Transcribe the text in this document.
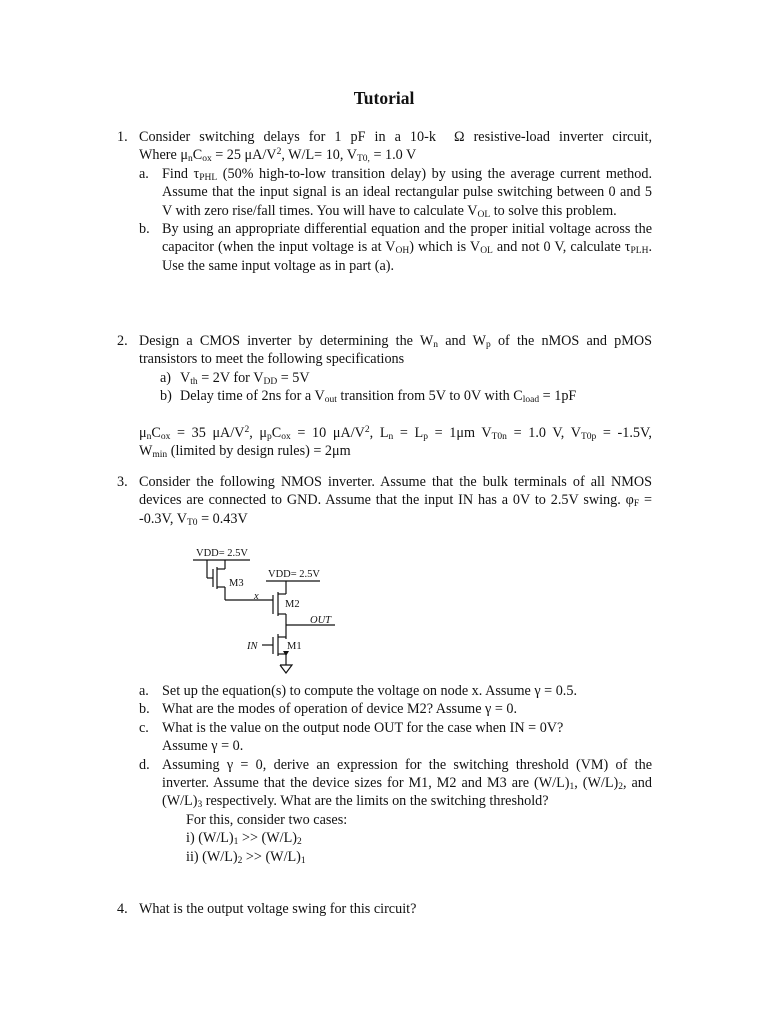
Tutorial
1. Consider switching delays for 1 pF in a 10-k  Ω resistive-load inverter circuit,
Where $\mu_nC_{ox} = 25$ $\mu A/V^2$, W/L= 10, $V_{T0,} = 1.0$ V
a. Find $\tau_{PHL}$ (50% high-to-low transition delay) by using the average current method. Assume that the input signal is an ideal rectangular pulse switching between 0 and 5 V with zero rise/fall times. You will have to calculate $V_{OL}$ to solve this problem.
b. By using an appropriate differential equation and the proper initial voltage across the capacitor (when the input voltage is at $V_{OH}$) which is $V_{OL}$ and not 0 V, calculate $\tau_{PLH}$. Use the same input voltage as in part (a).
2. Design a CMOS inverter by determining the $W_n$ and $W_p$ of the nMOS and pMOS transistors to meet the following specifications
a) $V_{th} = 2V$ for $V_{DD} = 5V$
b) Delay time of 2ns for a $V_{out}$ transition from 5V to 0V with $C_{load} = 1pF$
$\mu_nC_{ox} = 35$ $\mu A/V^2$, $\mu_pC_{ox} = 10$ $\mu A/V^2$, $L_n = L_p = 1\mu m$ $V_{T0n} = 1.0$ V, $V_{T0p} = -1.5V$,
$W_{min}$ (limited by design rules) = 2μm
3. Consider the following NMOS inverter. Assume that the bulk terminals of all NMOS devices are connected to GND. Assume that the input IN has a 0V to 2.5V swing. $\varphi_F = -0.3V$, $V_{T0} = 0.43V$
VDD= 2.5V
VDD= 2.5V
M3
x
M2
OUT
IN	M1
a. Set up the equation(s) to compute the voltage on node x. Assume γ = 0.5.
b. What are the modes of operation of device M2? Assume γ = 0.
c. What is the value on the output node OUT for the case when IN = 0V?
Assume γ = 0.
d. Assuming γ = 0, derive an expression for the switching threshold (VM) of the inverter. Assume that the device sizes for M1, M2 and M3 are $(W/L)_1$, $(W/L)_2$, and $(W/L)_3$ respectively. What are the limits on the switching threshold?
For this, consider two cases:
i) $(W/L)_1 >> (W/L)_2$
ii) $(W/L)_2 >> (W/L)_1$
4. What is the output voltage swing for this circuit?
